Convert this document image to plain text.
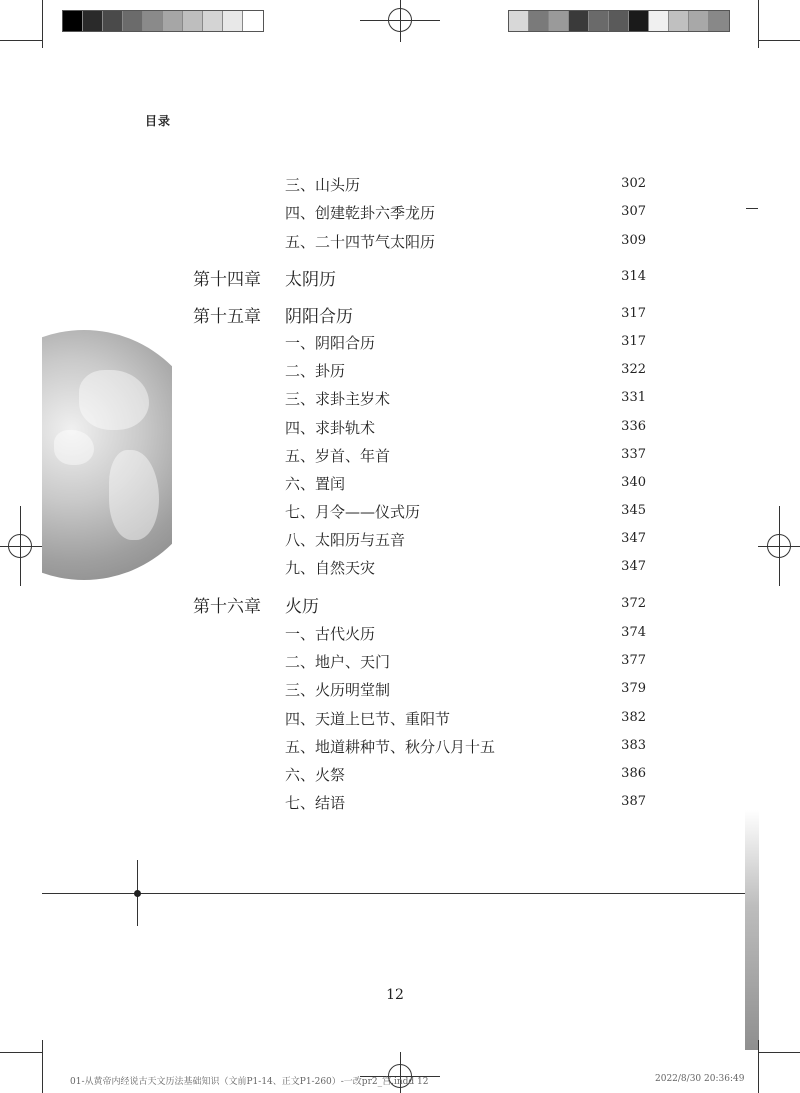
目录
三、山头历	302
四、创建乾卦六季龙历	307
五、二十四节气太阳历	309
第十四章 太阴历	314
第十五章 阴阳合历	317
一、阴阳合历	317
二、卦历	322
三、求卦主岁术	331
四、求卦轨术	336
五、岁首、年首	337
六、置闰	340
七、月令——仪式历	345
八、太阳历与五音	347
九、自然天灾	347
第十六章 火历	372
一、古代火历	374
二、地户、天门	377
三、火历明堂制	379
四、天道上巳节、重阳节	382
五、地道耕种节、秋分八月十五	383
六、火祭	386
七、结语	387
12
01-从黄帝内经说古天文历法基础知识（文前P1-14、正文P1-260）-一改pr2_宫.indd 12	2022/8/30 20:36:49
